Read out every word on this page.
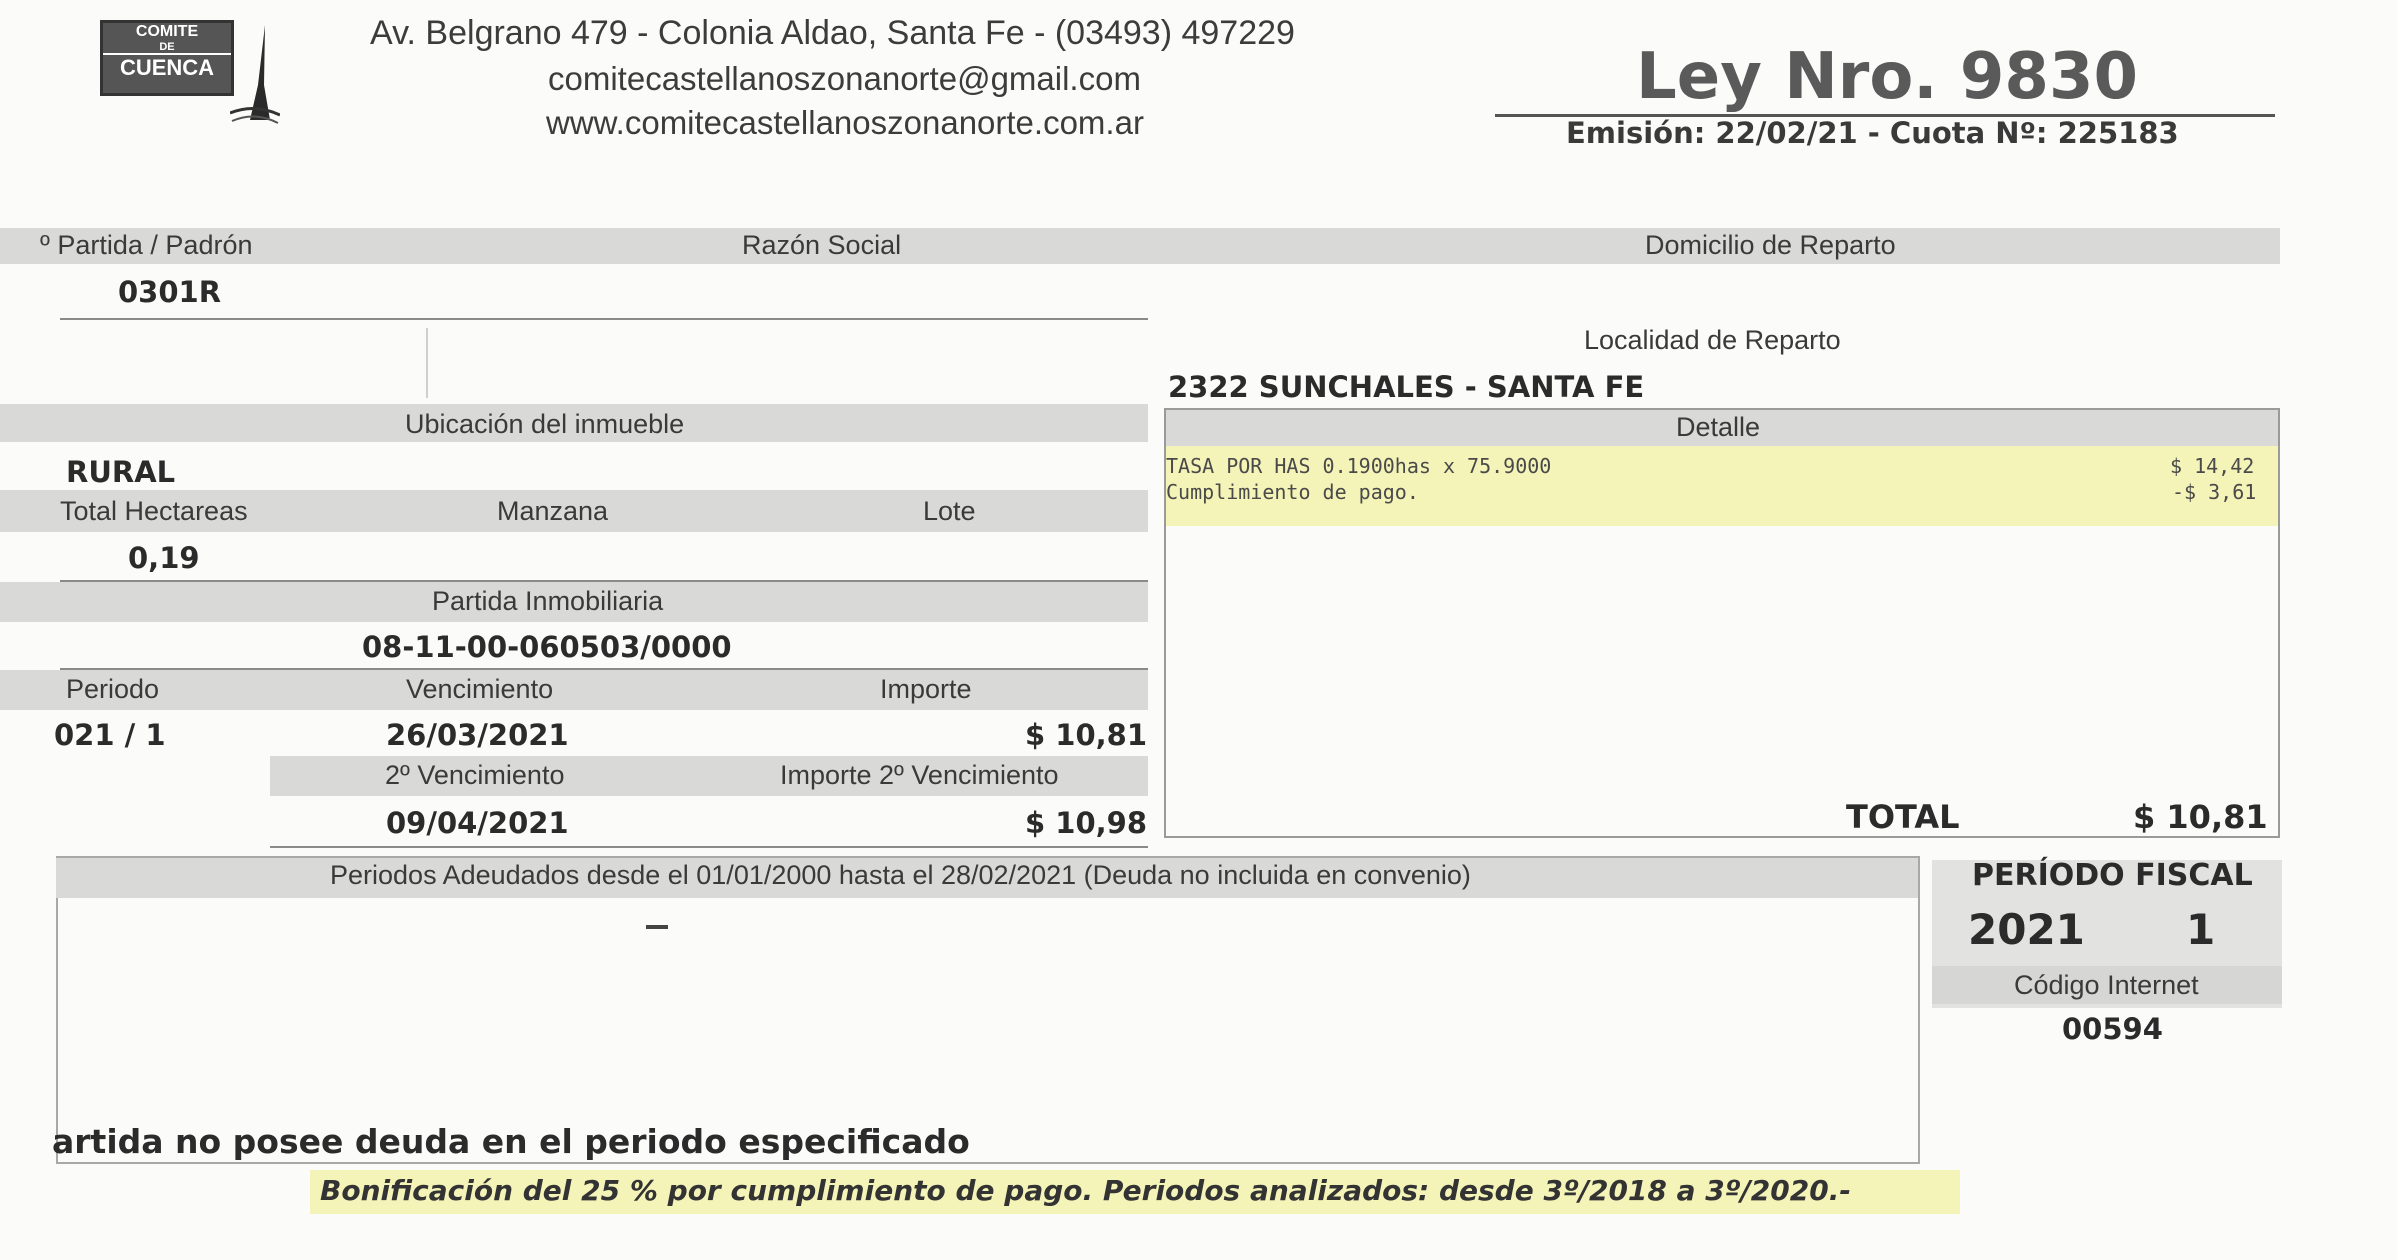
COMITE
DE
CUENCA
Av. Belgrano 479 - Colonia Aldao, Santa Fe - (03493) 497229
comitecastellanoszonanorte@gmail.com
www.comitecastellanoszonanorte.com.ar
Ley Nro. 9830
Emisión: 22/02/21 - Cuota Nº: 225183
º Partida / Padrón	Razón Social	Domicilio de Reparto
0301R
Localidad de Reparto
2322 SUNCHALES - SANTA FE
Ubicación del inmueble
RURAL
Detalle
TASA POR HAS 0.1900has x 75.9000	$ 14,42
Cumplimiento de pago.	-$ 3,61
TOTAL	$ 10,81
Total Hectareas	Manzana	Lote
0,19
Partida Inmobiliaria
08-11-00-060503/0000
Periodo	Vencimiento	Importe
021 / 1	26/03/2021	$ 10,81
2º Vencimiento	Importe 2º Vencimiento
09/04/2021	$ 10,98
Periodos Adeudados desde el 01/01/2000 hasta el 28/02/2021 (Deuda no incluida en convenio)
artida no posee deuda en el periodo especificado
PERÍODO FISCAL
2021 1
Código Internet
00594
Bonificación del 25 % por cumplimiento de pago. Periodos analizados: desde 3º/2018 a 3º/2020.-
